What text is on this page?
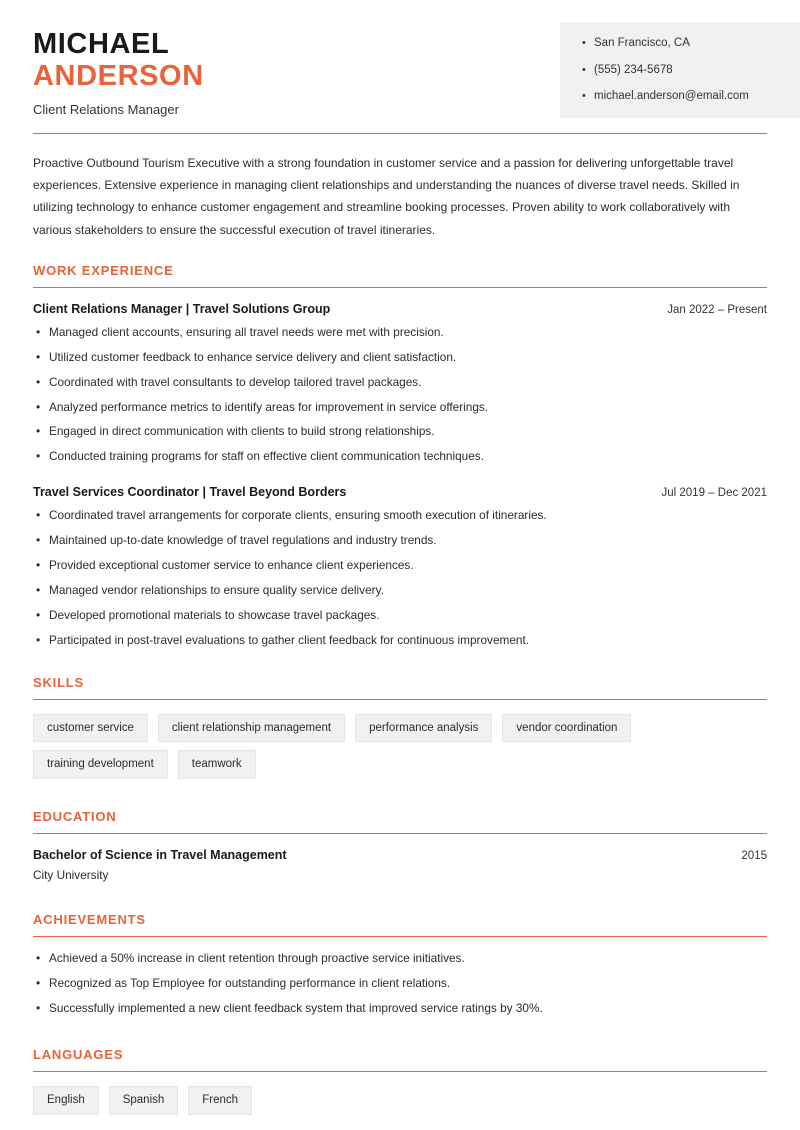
MICHAEL
ANDERSON
Client Relations Manager
• San Francisco, CA
• (555) 234-5678
• michael.anderson@email.com
Proactive Outbound Tourism Executive with a strong foundation in customer service and a passion for delivering unforgettable travel experiences. Extensive experience in managing client relationships and understanding the nuances of diverse travel needs. Skilled in utilizing technology to enhance customer engagement and streamline booking processes. Proven ability to work collaboratively with various stakeholders to ensure the successful execution of travel itineraries.
WORK EXPERIENCE
Client Relations Manager | Travel Solutions Group	Jan 2022 – Present
• Managed client accounts, ensuring all travel needs were met with precision.
• Utilized customer feedback to enhance service delivery and client satisfaction.
• Coordinated with travel consultants to develop tailored travel packages.
• Analyzed performance metrics to identify areas for improvement in service offerings.
• Engaged in direct communication with clients to build strong relationships.
• Conducted training programs for staff on effective client communication techniques.
Travel Services Coordinator | Travel Beyond Borders	Jul 2019 – Dec 2021
• Coordinated travel arrangements for corporate clients, ensuring smooth execution of itineraries.
• Maintained up-to-date knowledge of travel regulations and industry trends.
• Provided exceptional customer service to enhance client experiences.
• Managed vendor relationships to ensure quality service delivery.
• Developed promotional materials to showcase travel packages.
• Participated in post-travel evaluations to gather client feedback for continuous improvement.
SKILLS
customer service	client relationship management	performance analysis	vendor coordination
training development	teamwork
EDUCATION
Bachelor of Science in Travel Management	2015
City University
ACHIEVEMENTS
• Achieved a 50% increase in client retention through proactive service initiatives.
• Recognized as Top Employee for outstanding performance in client relations.
• Successfully implemented a new client feedback system that improved service ratings by 30%.
LANGUAGES
English	Spanish	French
